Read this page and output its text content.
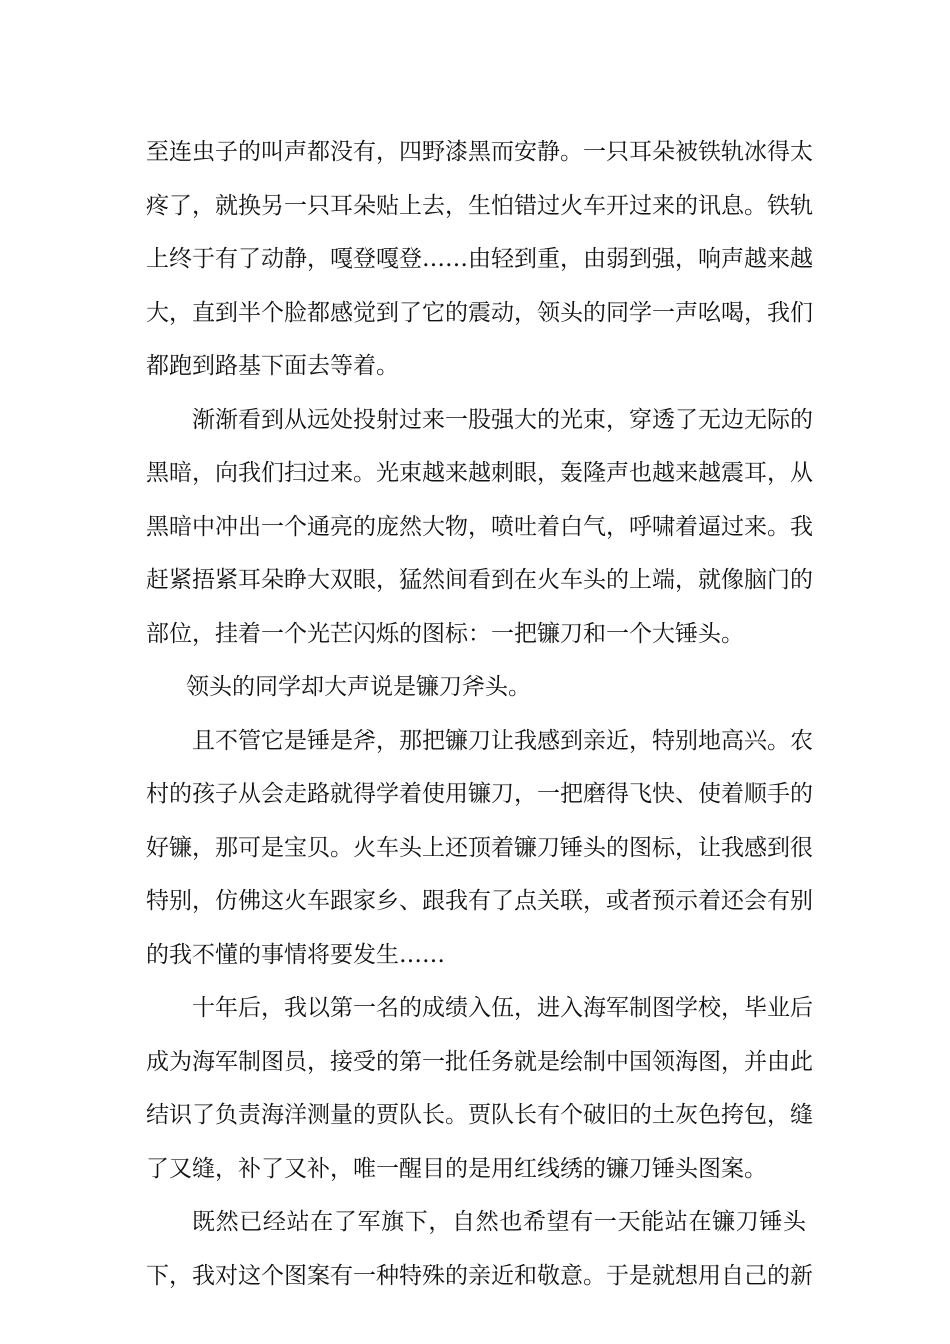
至连虫子的叫声都没有，四野漆黑而安静。一只耳朵被铁轨冰得太
疼了，就换另一只耳朵贴上去，生怕错过火车开过来的讯息。铁轨
上终于有了动静，嘎登嘎登……由轻到重，由弱到强，响声越来越
大，直到半个脸都感觉到了它的震动，领头的同学一声吆喝，我们
都跑到路基下面去等着。
渐渐看到从远处投射过来一股强大的光束，穿透了无边无际的
黑暗，向我们扫过来。光束越来越刺眼，轰隆声也越来越震耳，从
黑暗中冲出一个通亮的庞然大物，喷吐着白气，呼啸着逼过来。我
赶紧捂紧耳朵睁大双眼，猛然间看到在火车头的上端，就像脑门的
部位，挂着一个光芒闪烁的图标：一把镰刀和一个大锤头。
领头的同学却大声说是镰刀斧头。
且不管它是锤是斧，那把镰刀让我感到亲近，特别地高兴。农
村的孩子从会走路就得学着使用镰刀，一把磨得飞快、使着顺手的
好镰，那可是宝贝。火车头上还顶着镰刀锤头的图标，让我感到很
特别，仿佛这火车跟家乡、跟我有了点关联，或者预示着还会有别
的我不懂的事情将要发生……
十年后，我以第一名的成绩入伍，进入海军制图学校，毕业后
成为海军制图员，接受的第一批任务就是绘制中国领海图，并由此
结识了负责海洋测量的贾队长。贾队长有个破旧的土灰色挎包，缝
了又缝，补了又补，唯一醒目的是用红线绣的镰刀锤头图案。
既然已经站在了军旗下，自然也希望有一天能站在镰刀锤头
下，我对这个图案有一种特殊的亲近和敬意。于是就想用自己的新
